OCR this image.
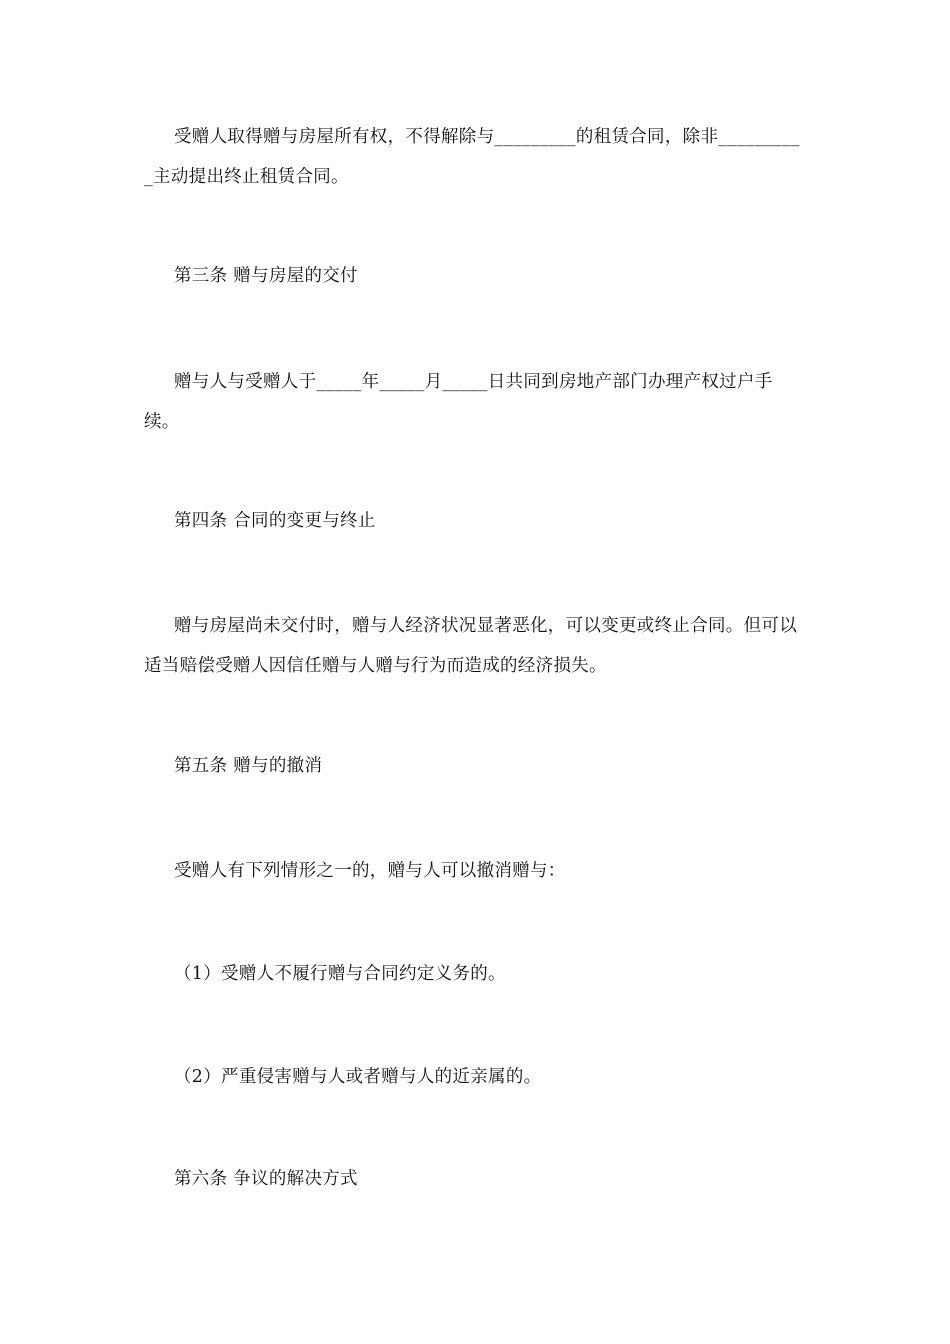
受赠人取得赠与房屋所有权，不得解除与_________的租赁合同，除非__________主动提出终止租赁合同。

第三条 赠与房屋的交付

赠与人与受赠人于_____年_____月_____日共同到房地产部门办理产权过户手续。

第四条 合同的变更与终止

赠与房屋尚未交付时，赠与人经济状况显著恶化，可以变更或终止合同。但可以适当赔偿受赠人因信任赠与人赠与行为而造成的经济损失。

第五条 赠与的撤消

受赠人有下列情形之一的，赠与人可以撤消赠与：

（1）受赠人不履行赠与合同约定义务的。

（2）严重侵害赠与人或者赠与人的近亲属的。

第六条 争议的解决方式
